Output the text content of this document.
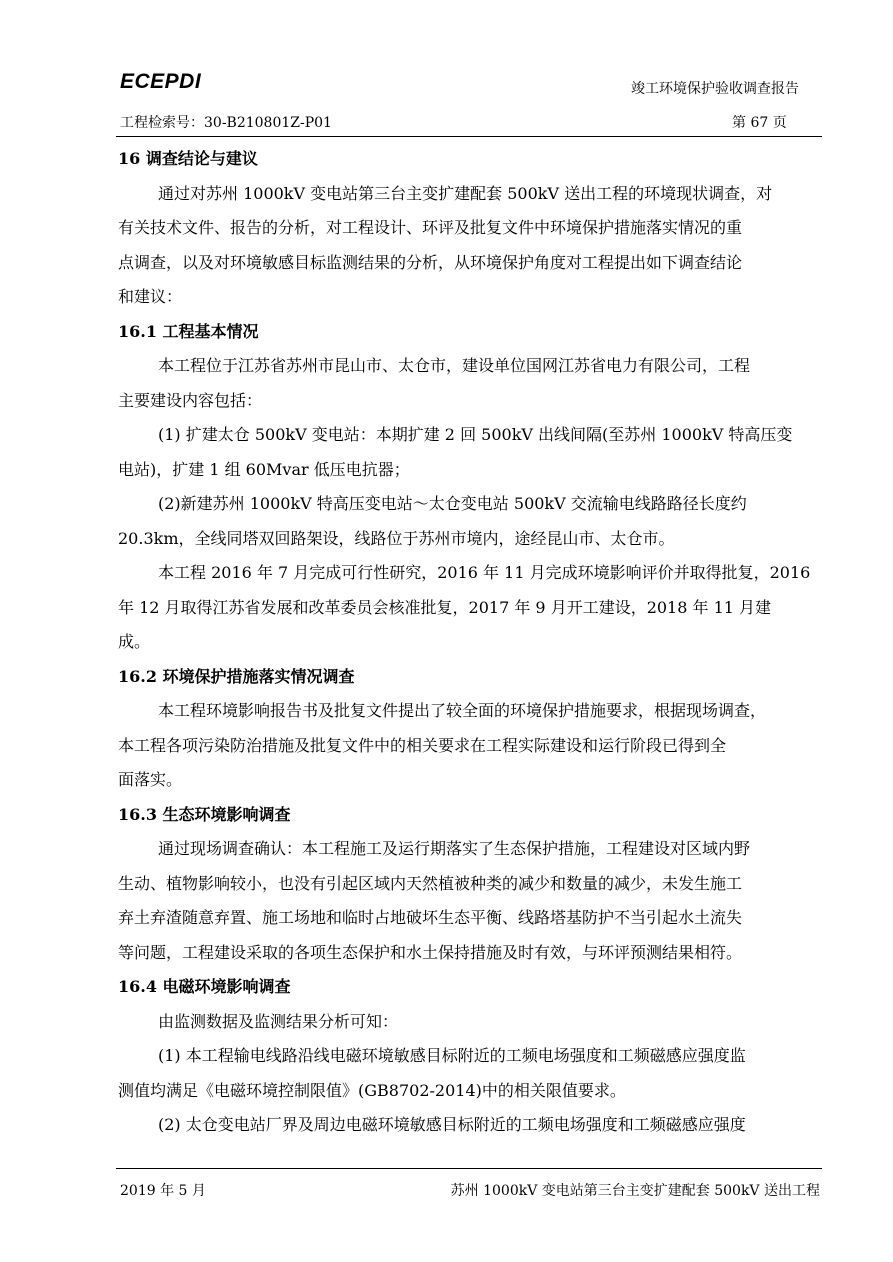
ECEPDI	竣工环境保护验收调查报告
工程检索号：30-B210801Z-P01	第 67 页

16 调查结论与建议

通过对苏州 1000kV 变电站第三台主变扩建配套 500kV 送出工程的环境现状调查，对

有关技术文件、报告的分析，对工程设计、环评及批复文件中环境保护措施落实情况的重

点调查，以及对环境敏感目标监测结果的分析，从环境保护角度对工程提出如下调查结论

和建议：

16.1 工程基本情况

本工程位于江苏省苏州市昆山市、太仓市，建设单位国网江苏省电力有限公司，工程

主要建设内容包括：

(1) 扩建太仓 500kV 变电站：本期扩建 2 回 500kV 出线间隔(至苏州 1000kV 特高压变

电站)，扩建 1 组 60Mvar 低压电抗器；

(2)新建苏州 1000kV 特高压变电站～太仓变电站 500kV 交流输电线路路径长度约

20.3km，全线同塔双回路架设，线路位于苏州市境内，途经昆山市、太仓市。

本工程 2016 年 7 月完成可行性研究，2016 年 11 月完成环境影响评价并取得批复，2016

年 12 月取得江苏省发展和改革委员会核准批复，2017 年 9 月开工建设，2018 年 11 月建

成。

16.2 环境保护措施落实情况调查

本工程环境影响报告书及批复文件提出了较全面的环境保护措施要求，根据现场调查，

本工程各项污染防治措施及批复文件中的相关要求在工程实际建设和运行阶段已得到全

面落实。

16.3 生态环境影响调查

通过现场调查确认：本工程施工及运行期落实了生态保护措施，工程建设对区域内野

生动、植物影响较小，也没有引起区域内天然植被种类的减少和数量的减少，未发生施工

弃土弃渣随意弃置、施工场地和临时占地破坏生态平衡、线路塔基防护不当引起水土流失

等问题，工程建设采取的各项生态保护和水土保持措施及时有效，与环评预测结果相符。

16.4 电磁环境影响调查

由监测数据及监测结果分析可知：

(1) 本工程输电线路沿线电磁环境敏感目标附近的工频电场强度和工频磁感应强度监

测值均满足《电磁环境控制限值》(GB8702-2014)中的相关限值要求。

(2) 太仓变电站厂界及周边电磁环境敏感目标附近的工频电场强度和工频磁感应强度

2019 年 5 月	苏州 1000kV 变电站第三台主变扩建配套 500kV 送出工程
